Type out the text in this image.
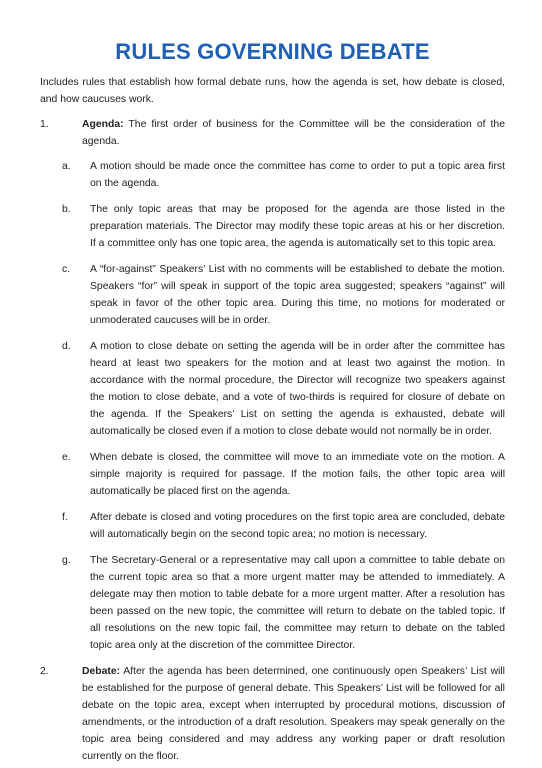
RULES GOVERNING DEBATE

Includes rules that establish how formal debate runs, how the agenda is set, how debate is closed, and how caucuses work.

1.	Agenda: The first order of business for the Committee will be the consideration of the agenda.
a. A motion should be made once the committee has come to order to put a topic area first on the agenda.
b. The only topic areas that may be proposed for the agenda are those listed in the preparation materials. The Director may modify these topic areas at his or her discretion. If a committee only has one topic area, the agenda is automatically set to this topic area.
c. A “for-against” Speakers’ List with no comments will be established to debate the motion. Speakers “for” will speak in support of the topic area suggested; speakers “against” will speak in favor of the other topic area. During this time, no motions for moderated or unmoderated caucuses will be in order.
d. A motion to close debate on setting the agenda will be in order after the committee has heard at least two speakers for the motion and at least two against the motion. In accordance with the normal procedure, the Director will recognize two speakers against the motion to close debate, and a vote of two-thirds is required for closure of debate on the agenda. If the Speakers’ List on setting the agenda is exhausted, debate will automatically be closed even if a motion to close debate would not normally be in order.
e. When debate is closed, the committee will move to an immediate vote on the motion. A simple majority is required for passage. If the motion fails, the other topic area will automatically be placed first on the agenda.
f. After debate is closed and voting procedures on the first topic area are concluded, debate will automatically begin on the second topic area; no motion is necessary.
g. The Secretary-General or a representative may call upon a committee to table debate on the current topic area so that a more urgent matter may be attended to immediately. A delegate may then motion to table debate for a more urgent matter. After a resolution has been passed on the new topic, the committee will return to debate on the tabled topic. If all resolutions on the new topic fail, the committee may return to debate on the tabled topic area only at the discretion of the committee Director.
2.	Debate: After the agenda has been determined, one continuously open Speakers’ List will be established for the purpose of general debate. This Speakers’ List will be followed for all debate on the topic area, except when interrupted by procedural motions, discussion of amendments, or the introduction of a draft resolution. Speakers may speak generally on the topic area being considered and may address any working paper or draft resolution currently on the floor.
